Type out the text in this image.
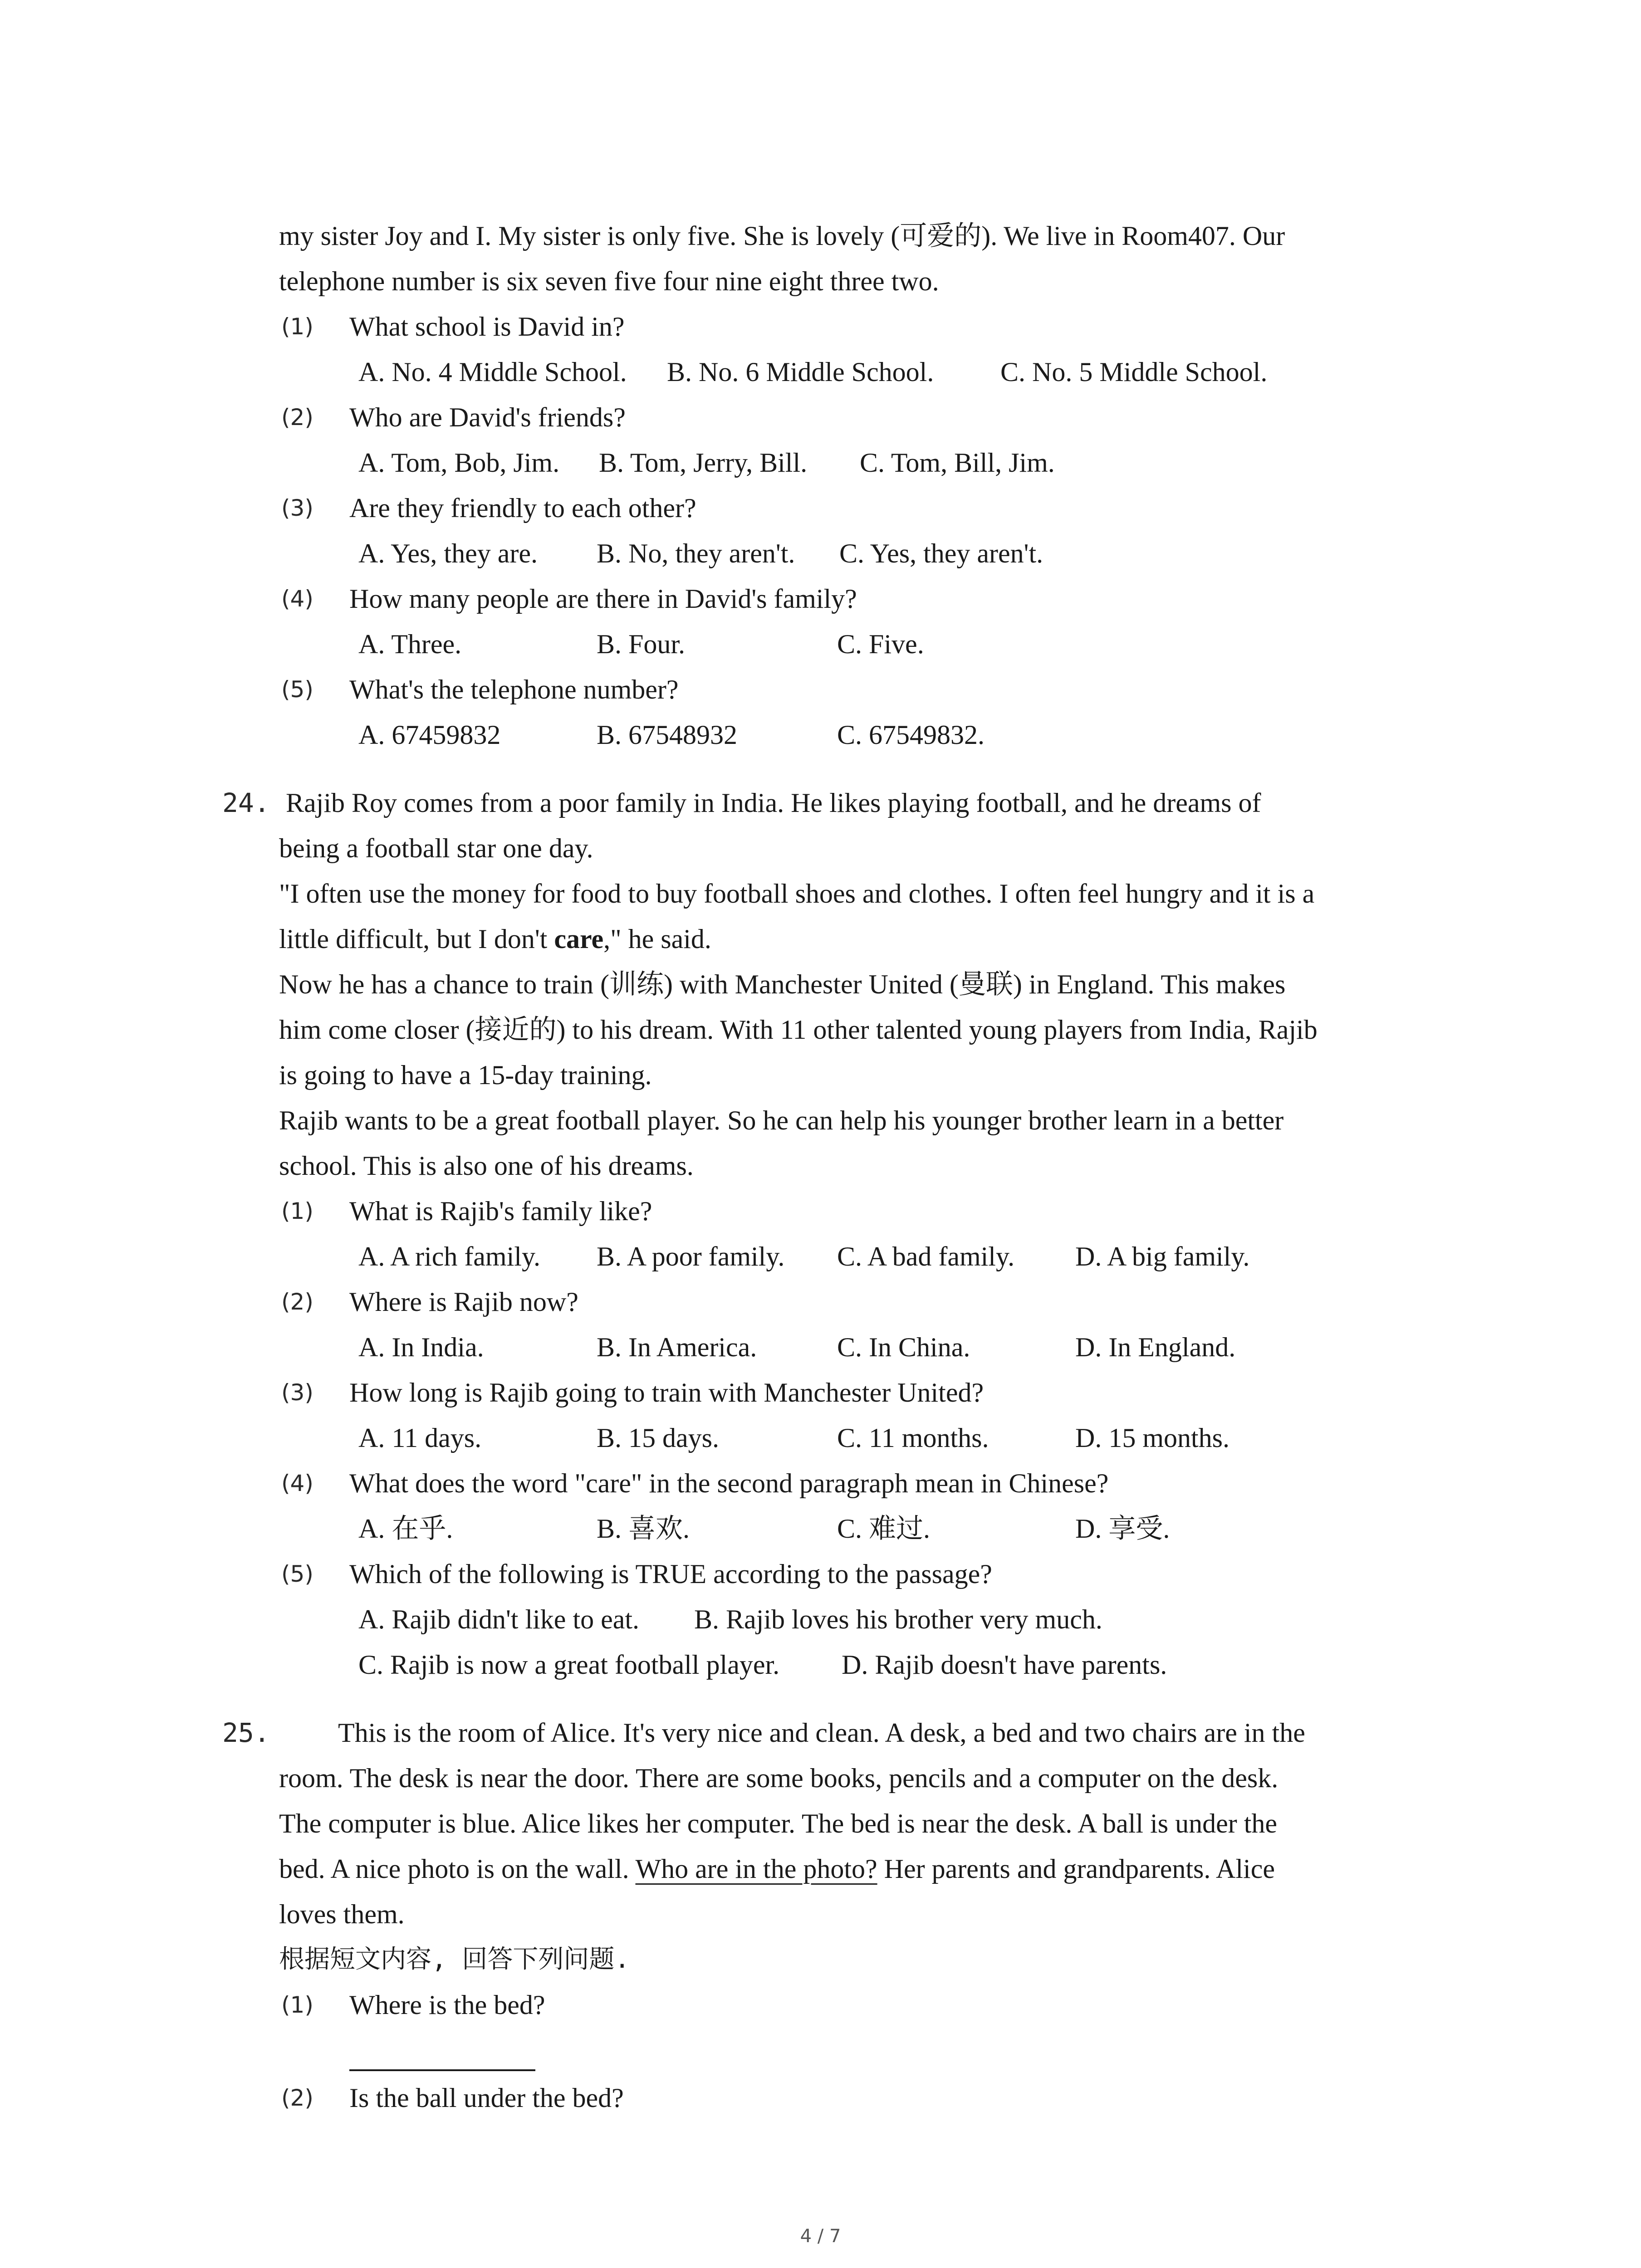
my sister Joy and I. My sister is only five. She is lovely (可爱的). We live in Room407. Our
telephone number is six seven five four nine eight three two.
(1) What school is David in?
A. No. 4 Middle School. B. No. 6 Middle School. C. No. 5 Middle School.
(2) Who are David's friends?
A. Tom, Bob, Jim. B. Tom, Jerry, Bill. C. Tom, Bill, Jim.
(3) Are they friendly to each other?
A. Yes, they are. B. No, they aren't. C. Yes, they aren't.
(4) How many people are there in David's family?
A. Three.	B. Four.	C. Five.
(5) What's the telephone number?
A. 67459832	B. 67548932	C. 67549832.
24. Rajib Roy comes from a poor family in India. He likes playing football, and he dreams of
being a football star one day.
"I often use the money for food to buy football shoes and clothes. I often feel hungry and it is a
little difficult, but I don't care," he said.
Now he has a chance to train (训练) with Manchester United (曼联) in England. This makes
him come closer (接近的) to his dream. With 11 other talented young players from India, Rajib
is going to have a 15-day training.
Rajib wants to be a great football player. So he can help his younger brother learn in a better
school. This is also one of his dreams.
(1) What is Rajib's family like?
A. A rich family. B. A poor family. C. A bad family. D. A big family.
(2) Where is Rajib now?
A. In India.	B. In America.	C. In China.	D. In England.
(3) How long is Rajib going to train with Manchester United?
A. 11 days.	B. 15 days.	C. 11 months.	D. 15 months.
(4) What does the word "care" in the second paragraph mean in Chinese?
A. 在乎.	B. 喜欢.	C. 难过.	D. 享受.
(5) Which of the following is TRUE according to the passage?
A. Rajib didn't like to eat. B. Rajib loves his brother very much.
C. Rajib is now a great football player. D. Rajib doesn't have parents.
25.	This is the room of Alice. It's very nice and clean. A desk, a bed and two chairs are in the
room. The desk is near the door. There are some books, pencils and a computer on the desk.
The computer is blue. Alice likes her computer. The bed is near the desk. A ball is under the
bed. A nice photo is on the wall. Who are in the photo? Her parents and grandparents. Alice
loves them.
根据短文内容, 回答下列问题.
(1) Where is the bed?
(2) Is the ball under the bed?
4 / 7
